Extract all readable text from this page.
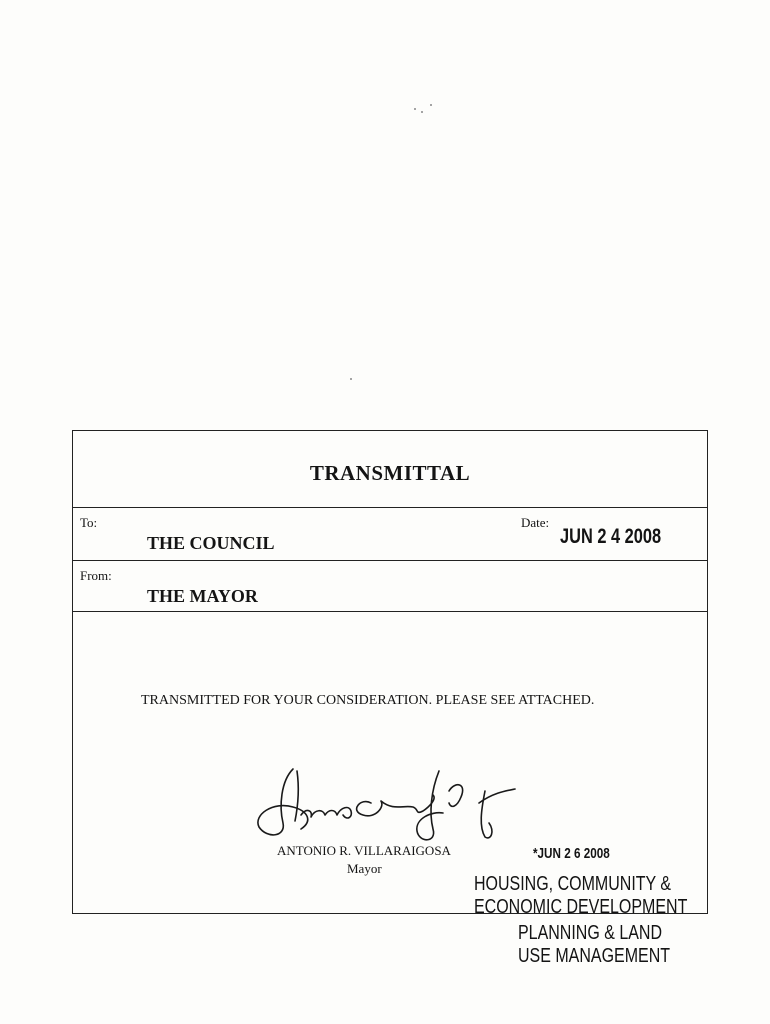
TRANSMITTAL
To:
THE COUNCIL
Date:
JUN 2 4 2008
From:
THE MAYOR
TRANSMITTED FOR YOUR CONSIDERATION. PLEASE SEE ATTACHED.
ANTONIO R. VILLARAIGOSA
Mayor
*JUN 2 6 2008
HOUSING, COMMUNITY &
ECONOMIC DEVELOPMENT
PLANNING & LAND
USE MANAGEMENT
